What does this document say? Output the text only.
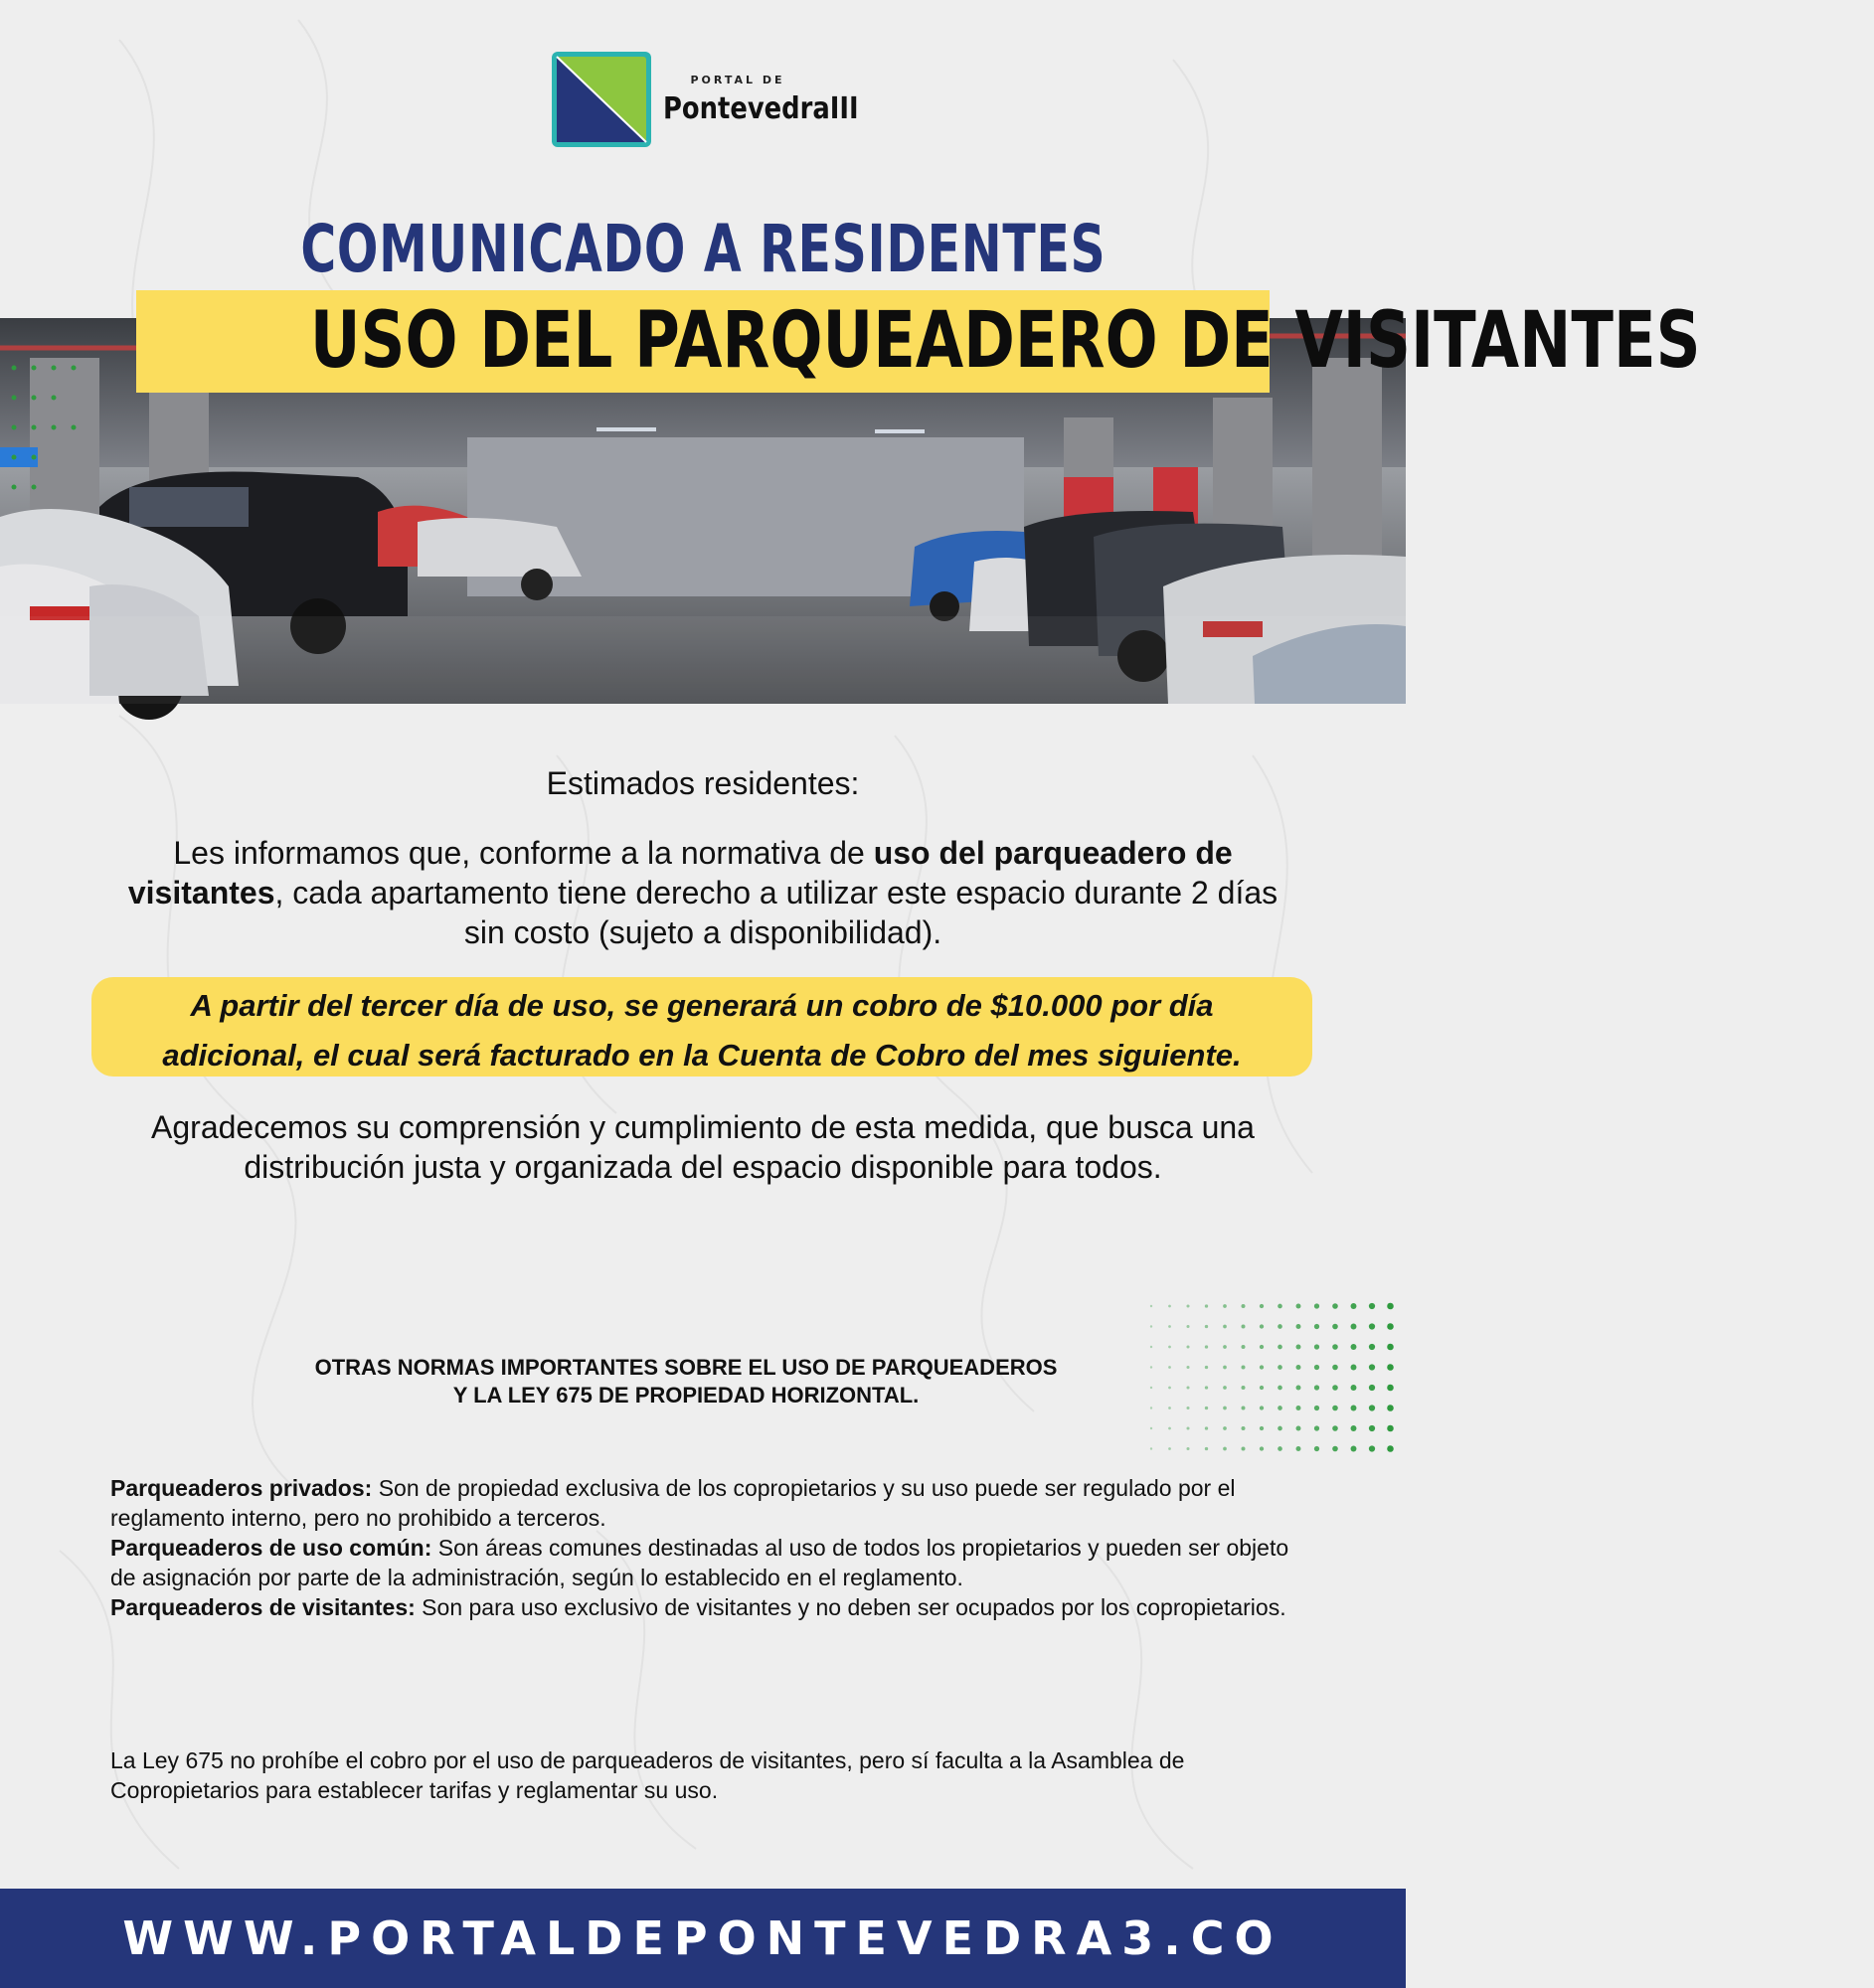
PORTAL DE
PontevedraIII
COMUNICADO A RESIDENTES
USO DEL PARQUEADERO DE VISITANTES
Estimados residentes:
Les informamos que, conforme a la normativa de uso del parqueadero de visitantes, cada apartamento tiene derecho a utilizar este espacio durante 2 días sin costo (sujeto a disponibilidad).
A partir del tercer día de uso, se generará un cobro de $10.000 por día
adicional, el cual será facturado en la Cuenta de Cobro del mes siguiente.
Agradecemos su comprensión y cumplimiento de esta medida, que busca una distribución justa y organizada del espacio disponible para todos.
OTRAS NORMAS IMPORTANTES SOBRE EL USO DE PARQUEADEROS
Y LA LEY 675 DE PROPIEDAD HORIZONTAL.

Parqueaderos privados: Son de propiedad exclusiva de los copropietarios y su uso puede ser regulado por el reglamento interno, pero no prohibido a terceros.

Parqueaderos de uso común: Son áreas comunes destinadas al uso de todos los propietarios y pueden ser objeto de asignación por parte de la administración, según lo establecido en el reglamento.

Parqueaderos de visitantes: Son para uso exclusivo de visitantes y no deben ser ocupados por los copropietarios.

La Ley 675 no prohíbe el cobro por el uso de parqueaderos de visitantes, pero sí faculta a la Asamblea de Copropietarios para establecer tarifas y reglamentar su uso.
WWW.PORTALDEPONTEVEDRA3.CO
